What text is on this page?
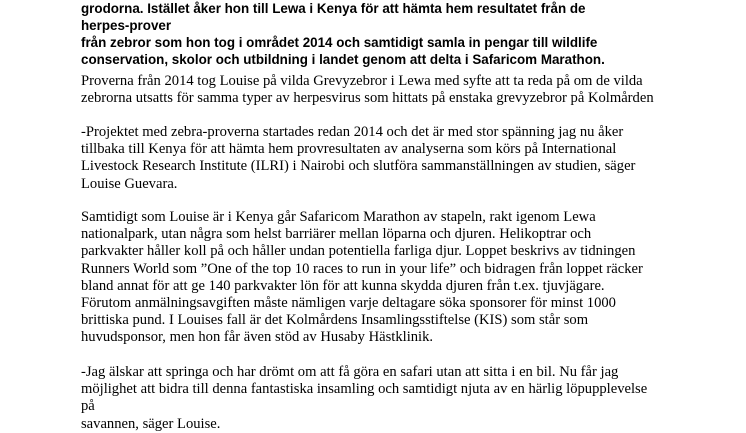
grodorna. Istället åker hon till Lewa i Kenya för att hämta hem resultatet från de herpes-prover
från zebror som hon tog i området 2014 och samtidigt samla in pengar till wildlife
conservation, skolor och utbildning i landet genom att delta i Safaricom Marathon.

Proverna från 2014 tog Louise på vilda Grevyzebror i Lewa med syfte att ta reda på om de vilda
zebrorna utsatts för samma typer av herpesvirus som hittats på enstaka grevyzebror på Kolmården

-Projektet med zebra-proverna startades redan 2014 och det är med stor spänning jag nu åker
tillbaka till Kenya för att hämta hem provresultaten av analyserna som körs på International
Livestock Research Institute (ILRI) i Nairobi och slutföra sammanställningen av studien, säger
Louise Guevara.

Samtidigt som Louise är i Kenya går Safaricom Marathon av stapeln, rakt igenom Lewa
nationalpark, utan några som helst barriärer mellan löparna och djuren. Helikoptrar och
parkvakter håller koll på och håller undan potentiella farliga djur. Loppet beskrivs av tidningen
Runners World som ”One of the top 10 races to run in your life” och bidragen från loppet räcker
bland annat för att ge 140 parkvakter lön för att kunna skydda djuren från t.ex. tjuvjägare.
Förutom anmälningsavgiften måste nämligen varje deltagare söka sponsorer för minst 1000
brittiska pund. I Louises fall är det Kolmårdens Insamlingsstiftelse (KIS) som står som
huvudsponsor, men hon får även stöd av Husaby Hästklinik.

-Jag älskar att springa och har drömt om att få göra en safari utan att sitta i en bil. Nu får jag
möjlighet att bidra till denna fantastiska insamling och samtidigt njuta av en härlig löpupplevelse på
savannen, säger Louise.
